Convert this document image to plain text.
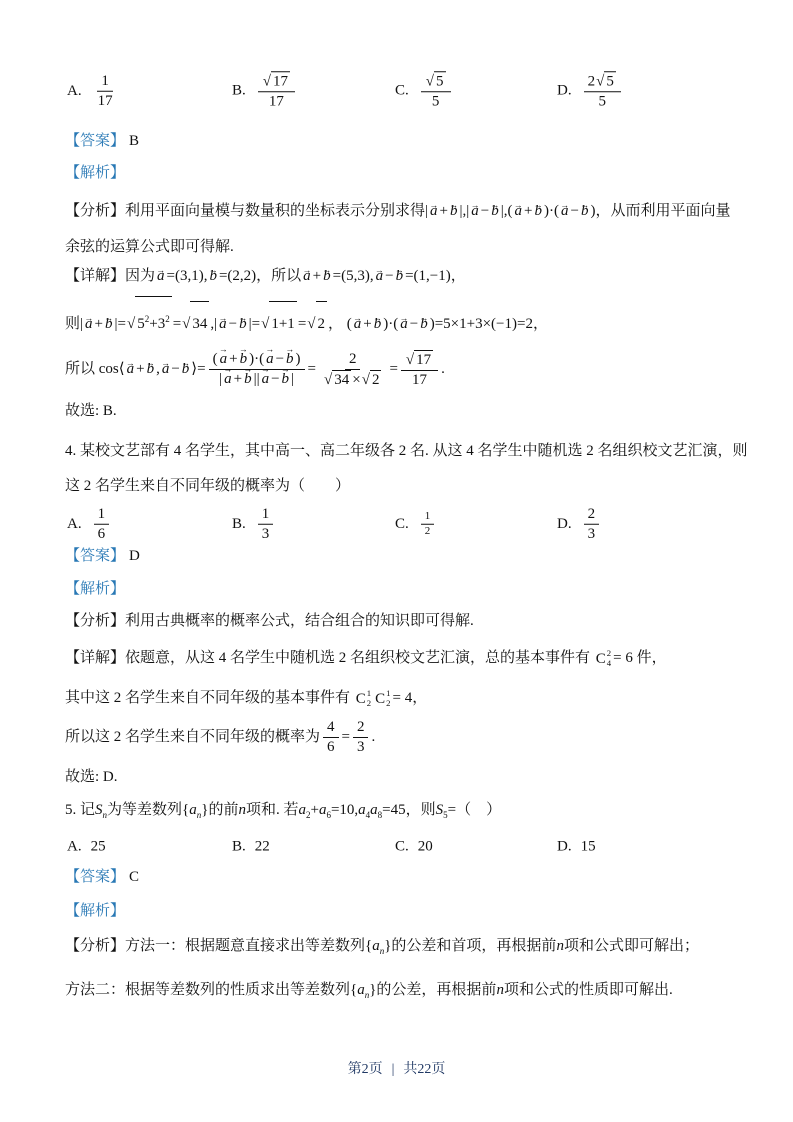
A. $\frac{1}{17}$	B. $\frac{√ 17}{17}$	C. $\frac{√ 5}{5}$	D. $\frac{2√ 5}{5}$
【答案】 B
【解析】
【分析】利用平面向量模与数量积的坐标表示分别求得| a → + b → |,| a → − b → |,( a → + b → )·( a → − b → )，从而利用平面向量
余弦的运算公式即可得解.
【详解】因为 a → =(3,1), b → =(2,2)，所以 a → + b → =(5,3), a → − b → =(1,−1)，
则| a → + b → |=√ $5^2+3^2$ =√ 34 ,| a → − b → |=√ 1+1 =√ 2 ， ( a → + b → )·( a → − b → )=5×1+3×(−1)=2，
所以 cos⟨ a → + b → , a → − b → ⟩= $\frac{( a \to + b \to )\cdot( a \to - b \to )}{| a \to + b \to || a \to - b \to |} = \frac{2}{√ 34 \times√ 2} = \frac{√ 17}{17}$ .
故选: B.
4. 某校文艺部有 4 名学生，其中高一、高二年级各 2 名. 从这 4 名学生中随机选 2 名组织校文艺汇演，则
这 2 名学生来自不同年级的概率为（　　）
A. $\frac{1}{6}$	B. $\frac{1}{3}$	C. $\frac{1}{2}$	D. $\frac{2}{3}$
【答案】 D
【解析】
【分析】利用古典概率的概率公式，结合组合的知识即可得解.
【详解】依题意，从这 4 名学生中随机选 2 名组织校文艺汇演，总的基本事件有 C 2
4 = 6 件，
其中这 2 名学生来自不同年级的基本事件有 C 1
2 C 1
2 = 4，
所以这 2 名学生来自不同年级的概率为 $\frac{4}{6} = \frac{2}{3}$ .
故选: D.
5. 记$S_n$为等差数列$\{a_n\}$的前n项和. 若$a_2+a_6=10,a_4a_8=45$，则$S_5=$（　）
A. 25	B. 22	C. 20	D. 15
【答案】 C
【解析】
【分析】方法一：根据题意直接求出等差数列$\{a_n\}$的公差和首项，再根据前n项和公式即可解出；
方法二：根据等差数列的性质求出等差数列$\{a_n\}$的公差，再根据前n项和公式的性质即可解出.
第2页 | 共22页
